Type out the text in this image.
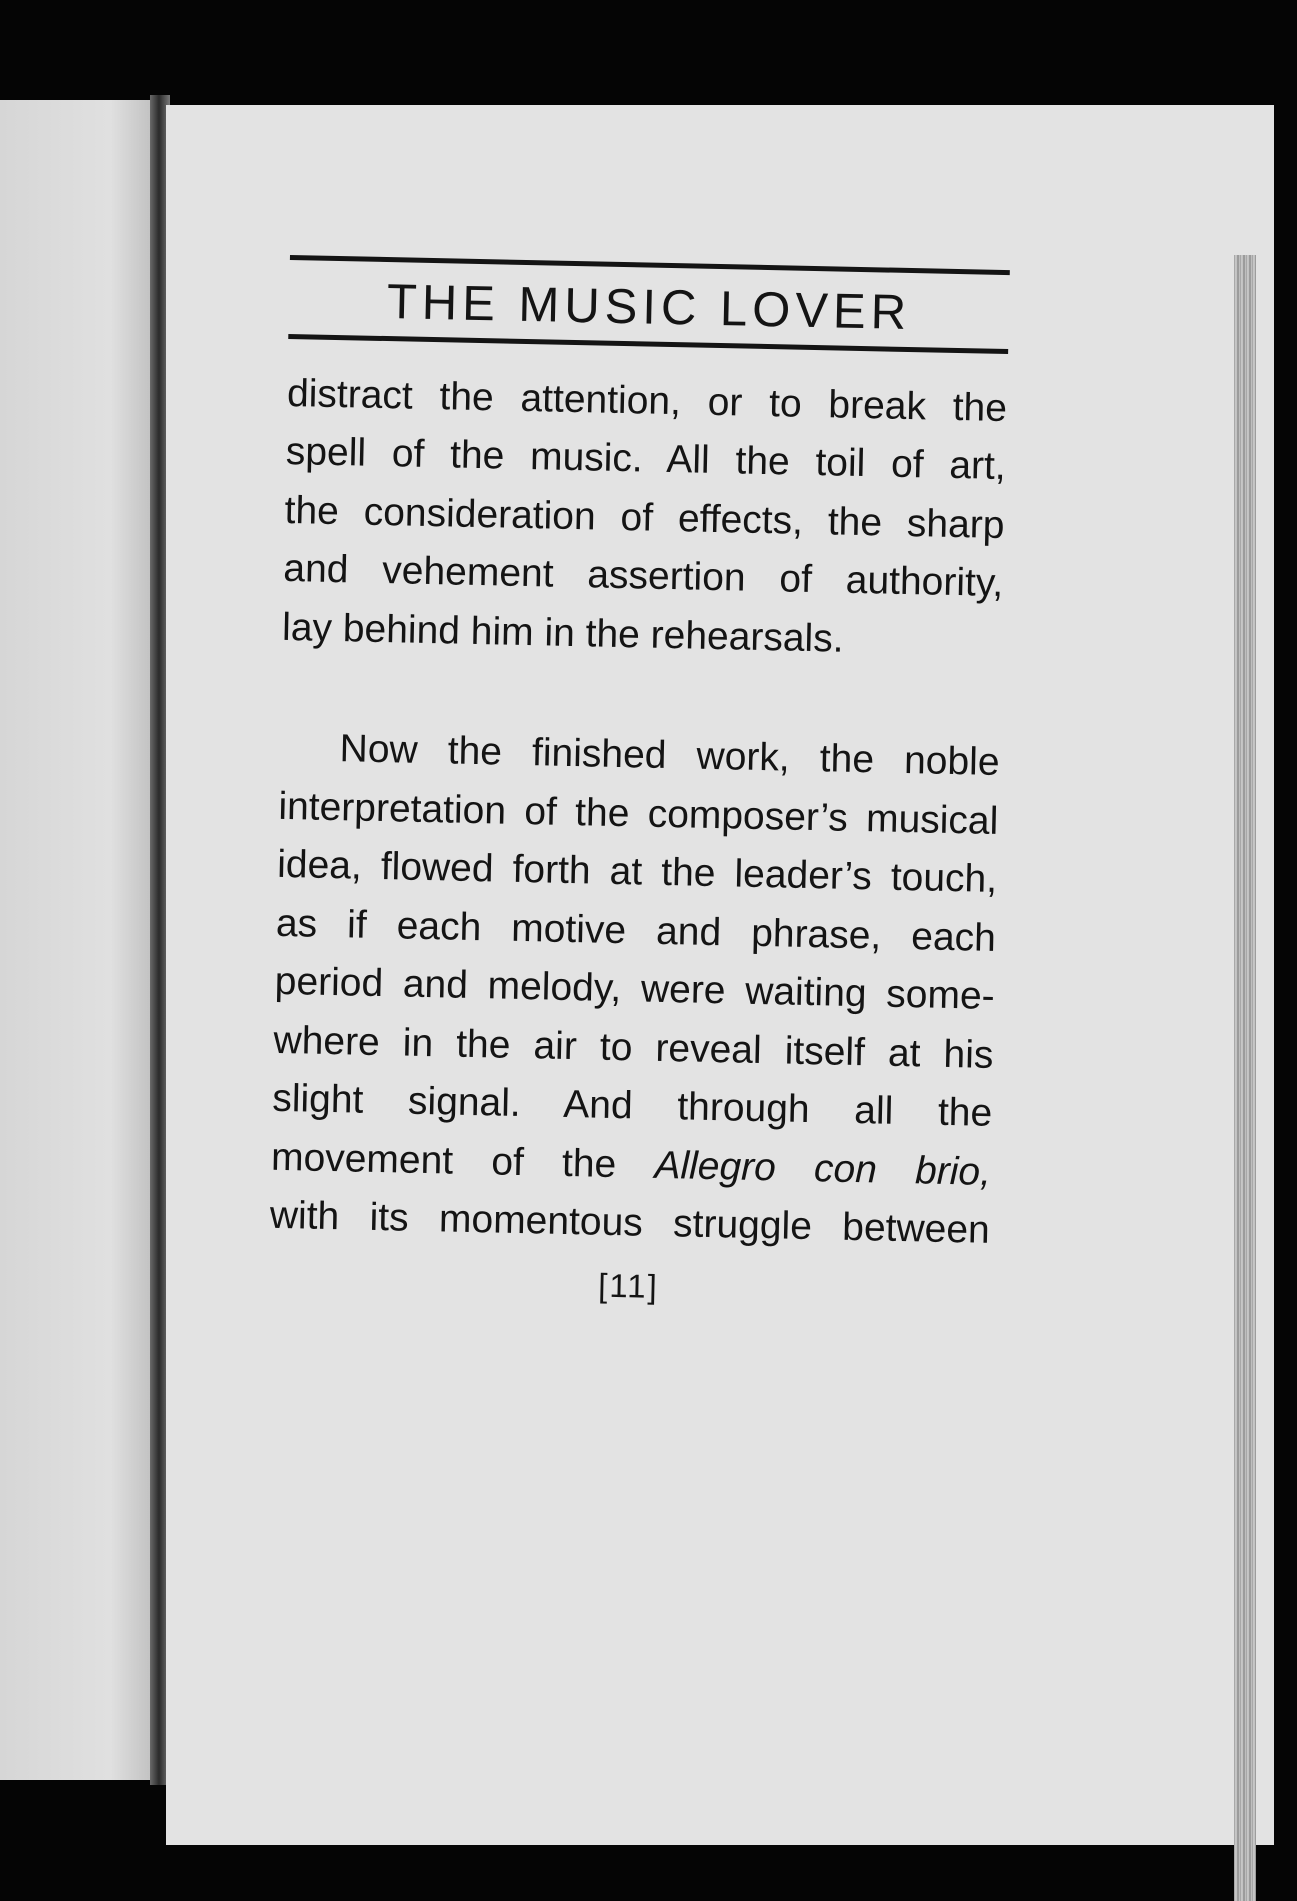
THE MUSIC LOVER

distract the attention, or to break the
spell of the music. All the toil of art,
the consideration of effects, the sharp
and vehement assertion of authority,
lay behind him in the rehearsals.

Now the finished work, the noble
interpretation of the composer’s musical
idea, flowed forth at the leader’s touch,
as if each motive and phrase, each
period and melody, were waiting some-
where in the air to reveal itself at his
slight signal. And through all the
movement of the Allegro con brio,
with its momentous struggle between

[11]
